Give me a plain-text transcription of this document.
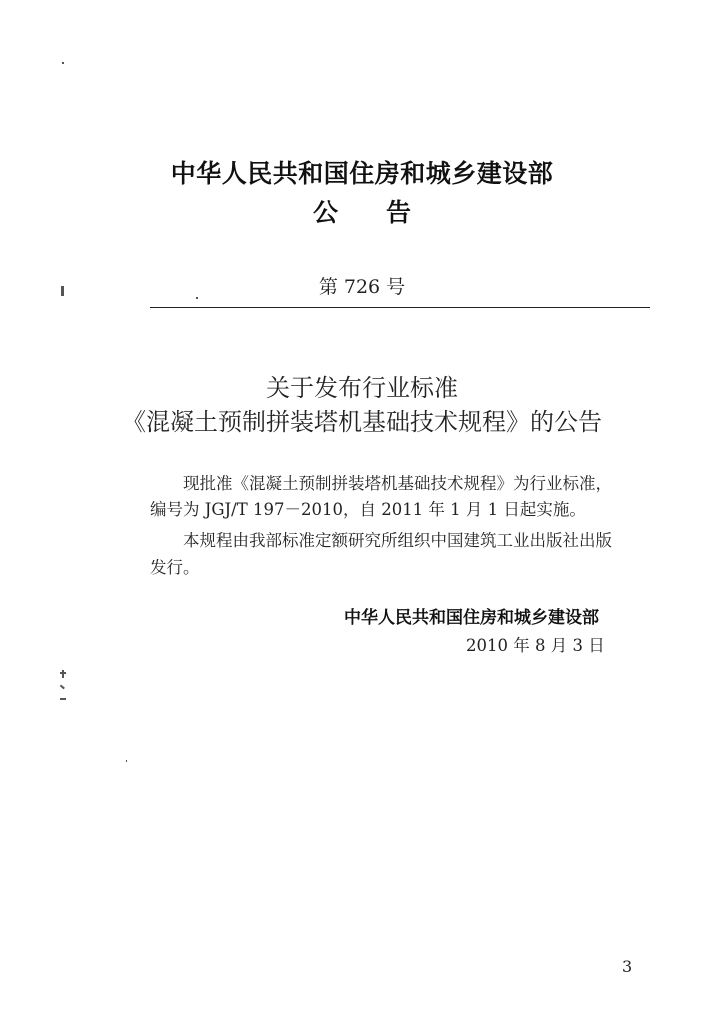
中华人民共和国住房和城乡建设部
公告
第 726 号
关于发布行业标准
《混凝土预制拼装塔机基础技术规程》的公告
现批准《混凝土预制拼装塔机基础技术规程》为行业标准，
编号为 JGJ/T 197－2010，自 2011 年 1 月 1 日起实施。
本规程由我部标准定额研究所组织中国建筑工业出版社出版
发行。
中华人民共和国住房和城乡建设部
2010 年 8 月 3 日
3
